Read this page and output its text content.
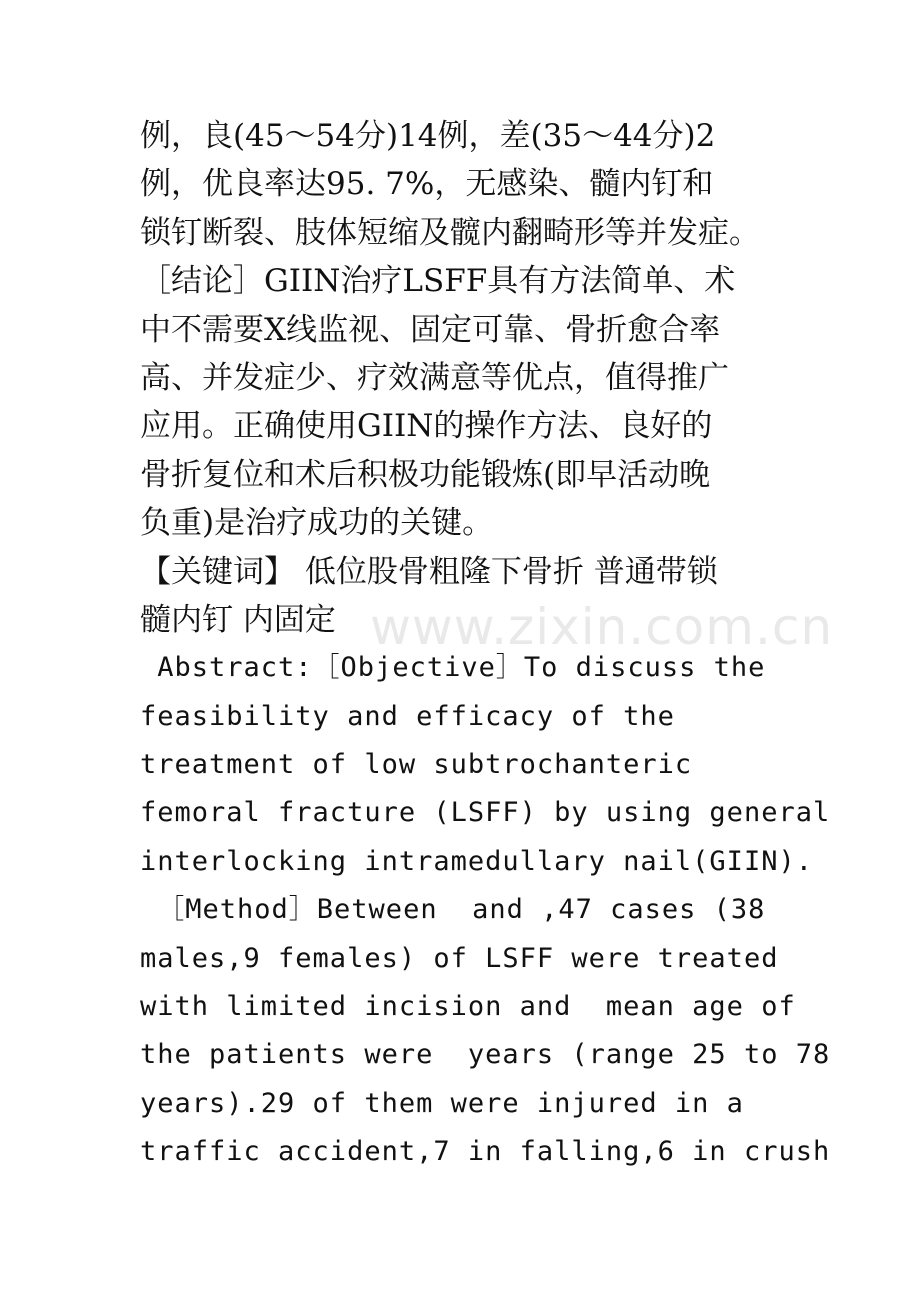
例，良(45～54分)14例，差(35～44分)2
例，优良率达95. 7%，无感染、髓内钉和
锁钉断裂、肢体短缩及髋内翻畸形等并发症。
［结论］GIIN治疗LSFF具有方法简单、术
中不需要X线监视、固定可靠、骨折愈合率
高、并发症少、疗效满意等优点，值得推广
应用。正确使用GIIN的操作方法、良好的
骨折复位和术后积极功能锻炼(即早活动晚
负重)是治疗成功的关键。
【关键词】 低位股骨粗隆下骨折 普通带锁
髓内钉 内固定
Abstract:［Objective］To discuss the
feasibility and efficacy of the
treatment of low subtrochanteric
femoral fracture (LSFF) by using general
interlocking intramedullary nail(GIIN).
［Method］Between  and ,47 cases (38
males,9 females) of LSFF were treated
with limited incision and  mean age of
the patients were  years (range 25 to 78
years).29 of them were injured in a
traffic accident,7 in falling,6 in crush
www.zixin.com.cn
